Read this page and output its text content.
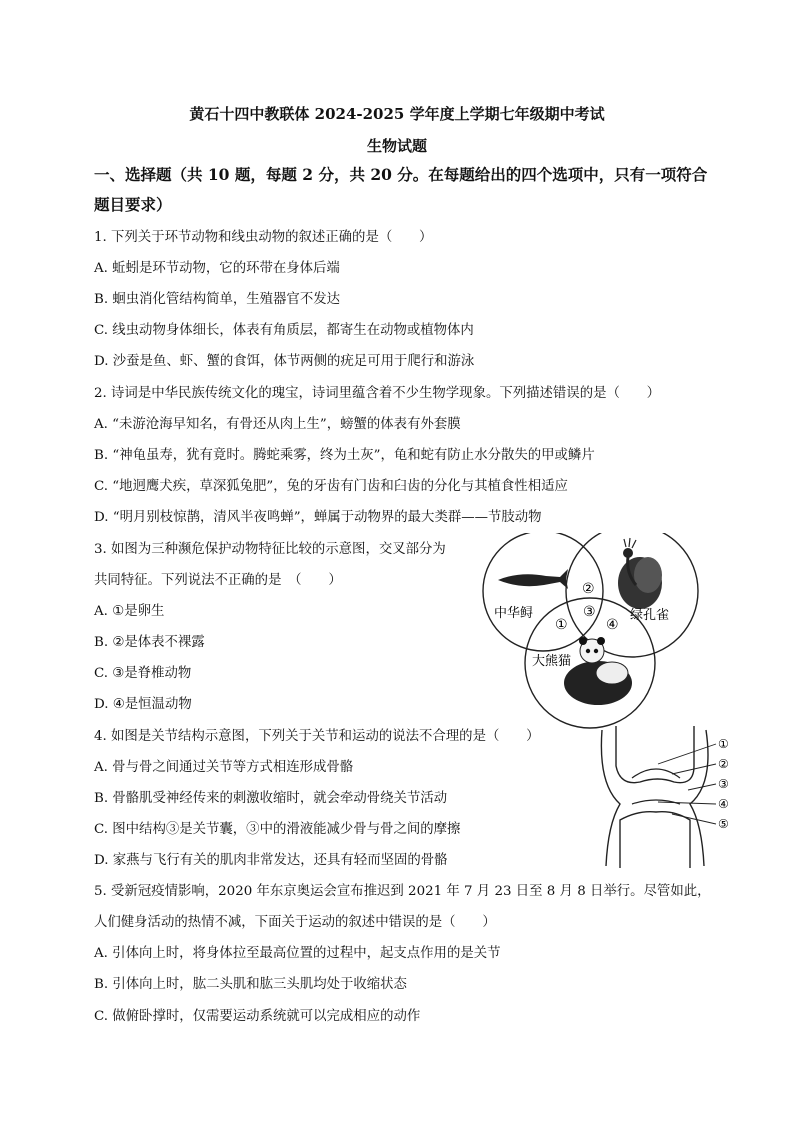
黄石十四中教联体 2024-2025 学年度上学期七年级期中考试
生物试题
一、选择题（共 10 题，每题 2 分，共 20 分。在每题给出的四个选项中，只有一项符合
题目要求）
1. 下列关于环节动物和线虫动物的叙述正确的是（　　）
A. 蚯蚓是环节动物，它的环带在身体后端
B. 蛔虫消化管结构简单，生殖器官不发达
C. 线虫动物身体细长，体表有角质层，都寄生在动物或植物体内
D. 沙蚕是鱼、虾、蟹的食饵，体节两侧的疣足可用于爬行和游泳
2. 诗词是中华民族传统文化的瑰宝，诗词里蕴含着不少生物学现象。下列描述错误的是（　　）
A. “未游沧海早知名，有骨还从肉上生”，螃蟹的体表有外套膜
B. “神龟虽寿，犹有竟时。腾蛇乘雾，终为土灰”，龟和蛇有防止水分散失的甲或鳞片
C. “地迥鹰犬疾，草深狐兔肥”，兔的牙齿有门齿和臼齿的分化与其植食性相适应
D. “明月别枝惊鹊，清风半夜鸣蝉”，蝉属于动物界的最大类群——节肢动物
3. 如图为三种濒危保护动物特征比较的示意图，交叉部分为
共同特征。下列说法不正确的是　（　　）
A. ①是卵生
B. ②是体表不裸露
C. ③是脊椎动物
D. ④是恒温动物
中华鲟	绿孔雀
大熊猫
②
③
①	④
4. 如图是关节结构示意图，下列关于关节和运动的说法不合理的是（　　）
A. 骨与骨之间通过关节等方式相连形成骨骼
B. 骨骼肌受神经传来的刺激收缩时，就会牵动骨绕关节活动
C. 图中结构③是关节囊，③中的滑液能减少骨与骨之间的摩擦
D. 家燕与飞行有关的肌肉非常发达，还具有轻而坚固的骨骼
①
②
③
④
⑤
5. 受新冠疫情影响，2020 年东京奥运会宣布推迟到 2021 年 7 月 23 日至 8 月 8 日举行。尽管如此，
人们健身活动的热情不减，下面关于运动的叙述中错误的是（　　）
A. 引体向上时，将身体拉至最高位置的过程中，起支点作用的是关节
B. 引体向上时，肱二头肌和肱三头肌均处于收缩状态
C. 做俯卧撑时，仅需要运动系统就可以完成相应的动作
